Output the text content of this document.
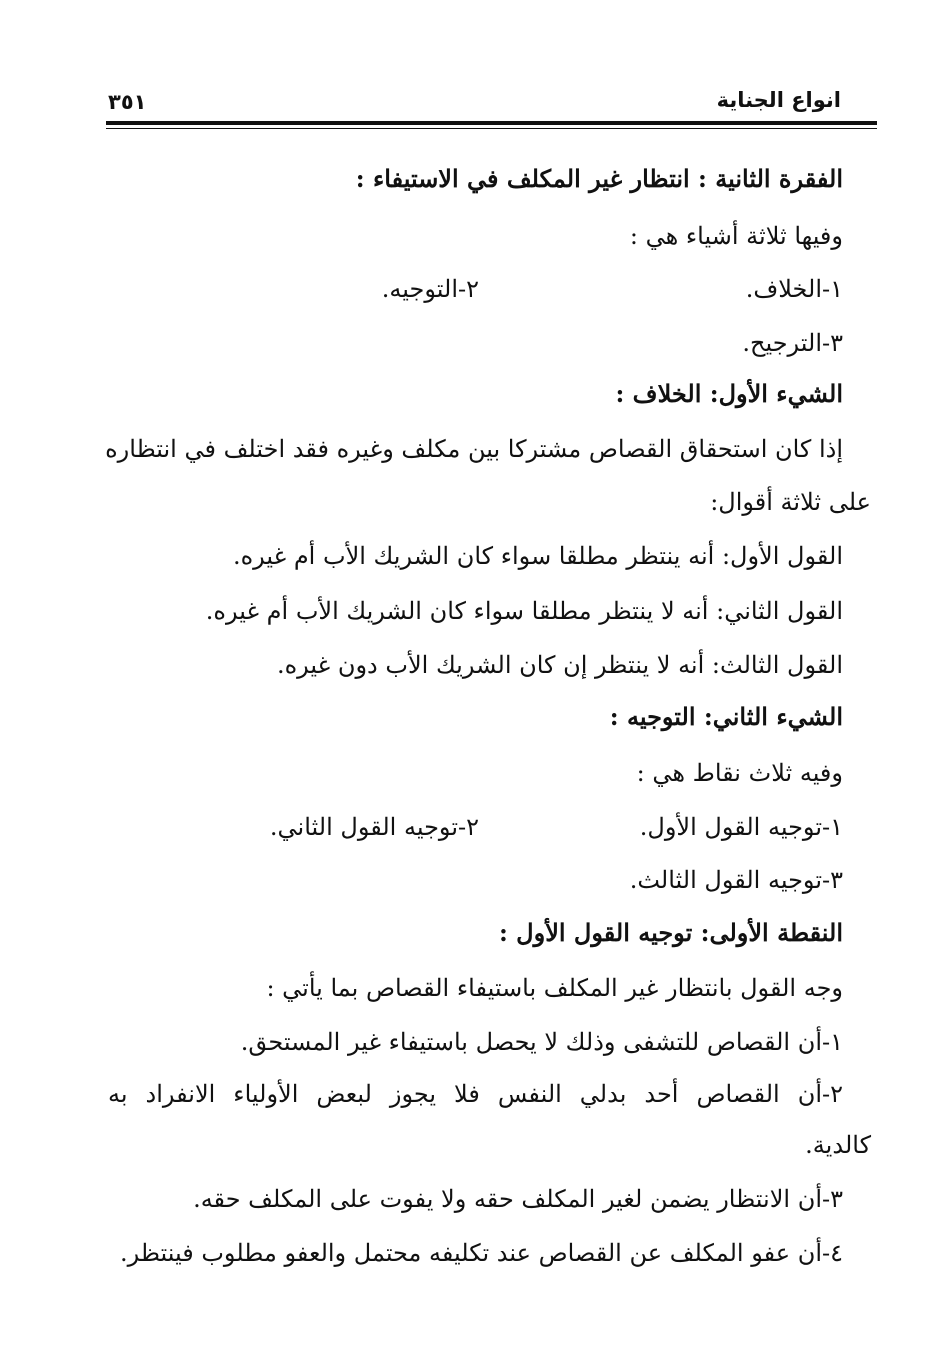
انواع الجناية
٣٥١
الفقرة الثانية : انتظار غير المكلف في الاستيفاء :
وفيها ثلاثة أشياء هي :
١-الخلاف.
٢-التوجيه.
٣-الترجيح.
الشيء الأول: الخلاف :
إذا كان استحقاق القصاص مشتركا بين مكلف وغيره فقد اختلف في انتظاره
على ثلاثة أقوال:
القول الأول: أنه ينتظر مطلقا سواء كان الشريك الأب أم غيره.
القول الثاني: أنه لا ينتظر مطلقا سواء كان الشريك الأب أم غيره.
القول الثالث: أنه لا ينتظر إن كان الشريك الأب دون غيره.
الشيء الثاني: التوجيه :
وفيه ثلاث نقاط هي :
١-توجيه القول الأول.
٢-توجيه القول الثاني.
٣-توجيه القول الثالث.
النقطة الأولى: توجيه القول الأول :
وجه القول بانتظار غير المكلف باستيفاء القصاص بما يأتي :
١-أن القصاص للتشفى وذلك لا يحصل باستيفاء غير المستحق.
٢-أن القصاص أحد بدلي النفس فلا يجوز لبعض الأولياء الانفراد به
كالدية.
٣-أن الانتظار يضمن لغير المكلف حقه ولا يفوت على المكلف حقه.
٤-أن عفو المكلف عن القصاص عند تكليفه محتمل والعفو مطلوب فينتظر.
